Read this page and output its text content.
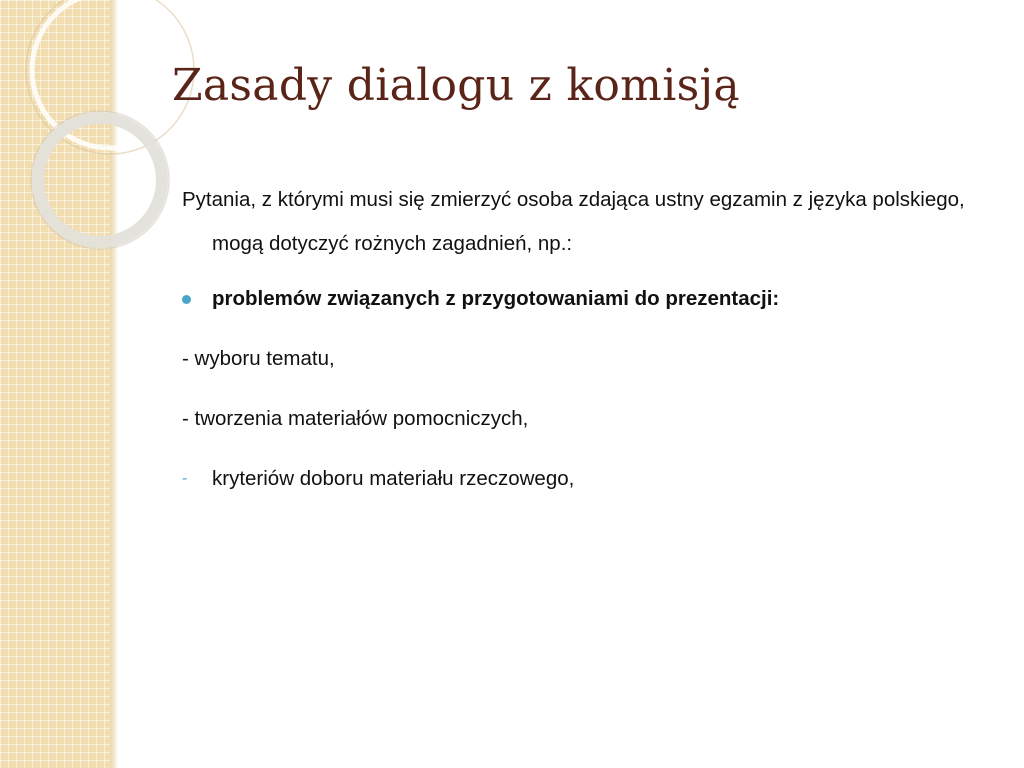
Zasady dialogu z komisją

Pytania, z którymi musi się zmierzyć osoba zdająca ustny egzamin z języka polskiego, mogą dotyczyć rożnych zagadnień, np.:

problemów związanych z przygotowaniami do prezentacji:
- wyboru tematu,
- tworzenia materiałów pomocniczych,
- kryteriów doboru materiału rzeczowego,
